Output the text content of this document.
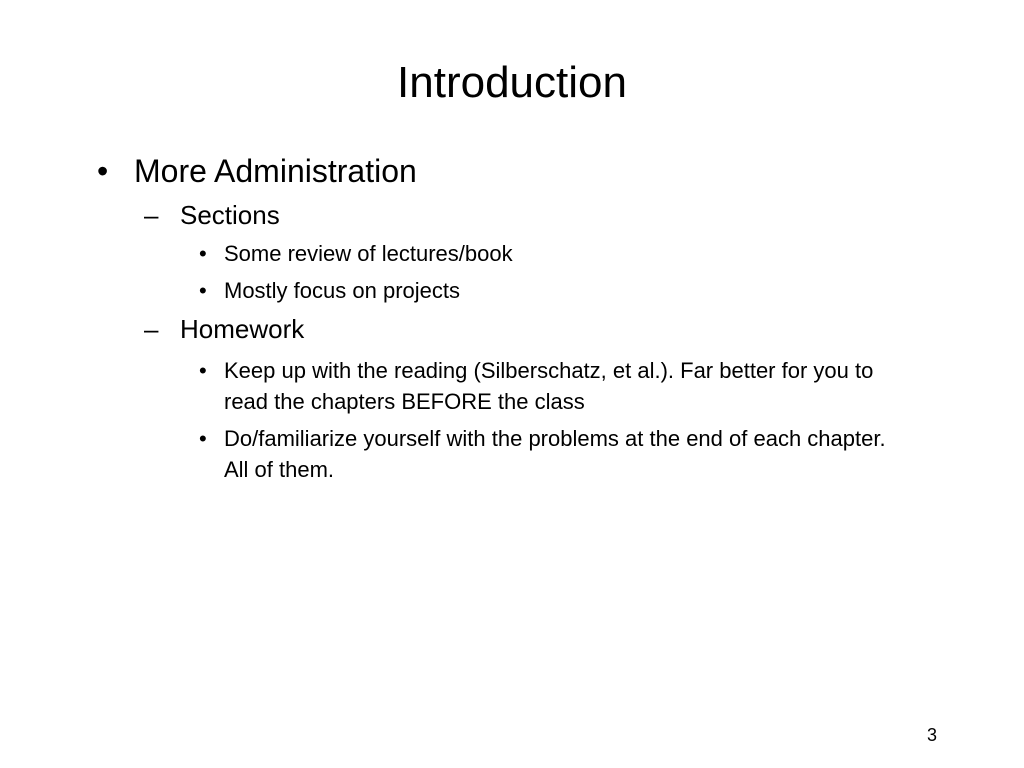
Introduction
• More Administration
– Sections
• Some review of lectures/book
• Mostly focus on projects
– Homework
• Keep up with the reading (Silberschatz, et al.). Far better for you to read the chapters BEFORE the class
• Do/familiarize yourself with the problems at the end of each chapter. All of them.
3
